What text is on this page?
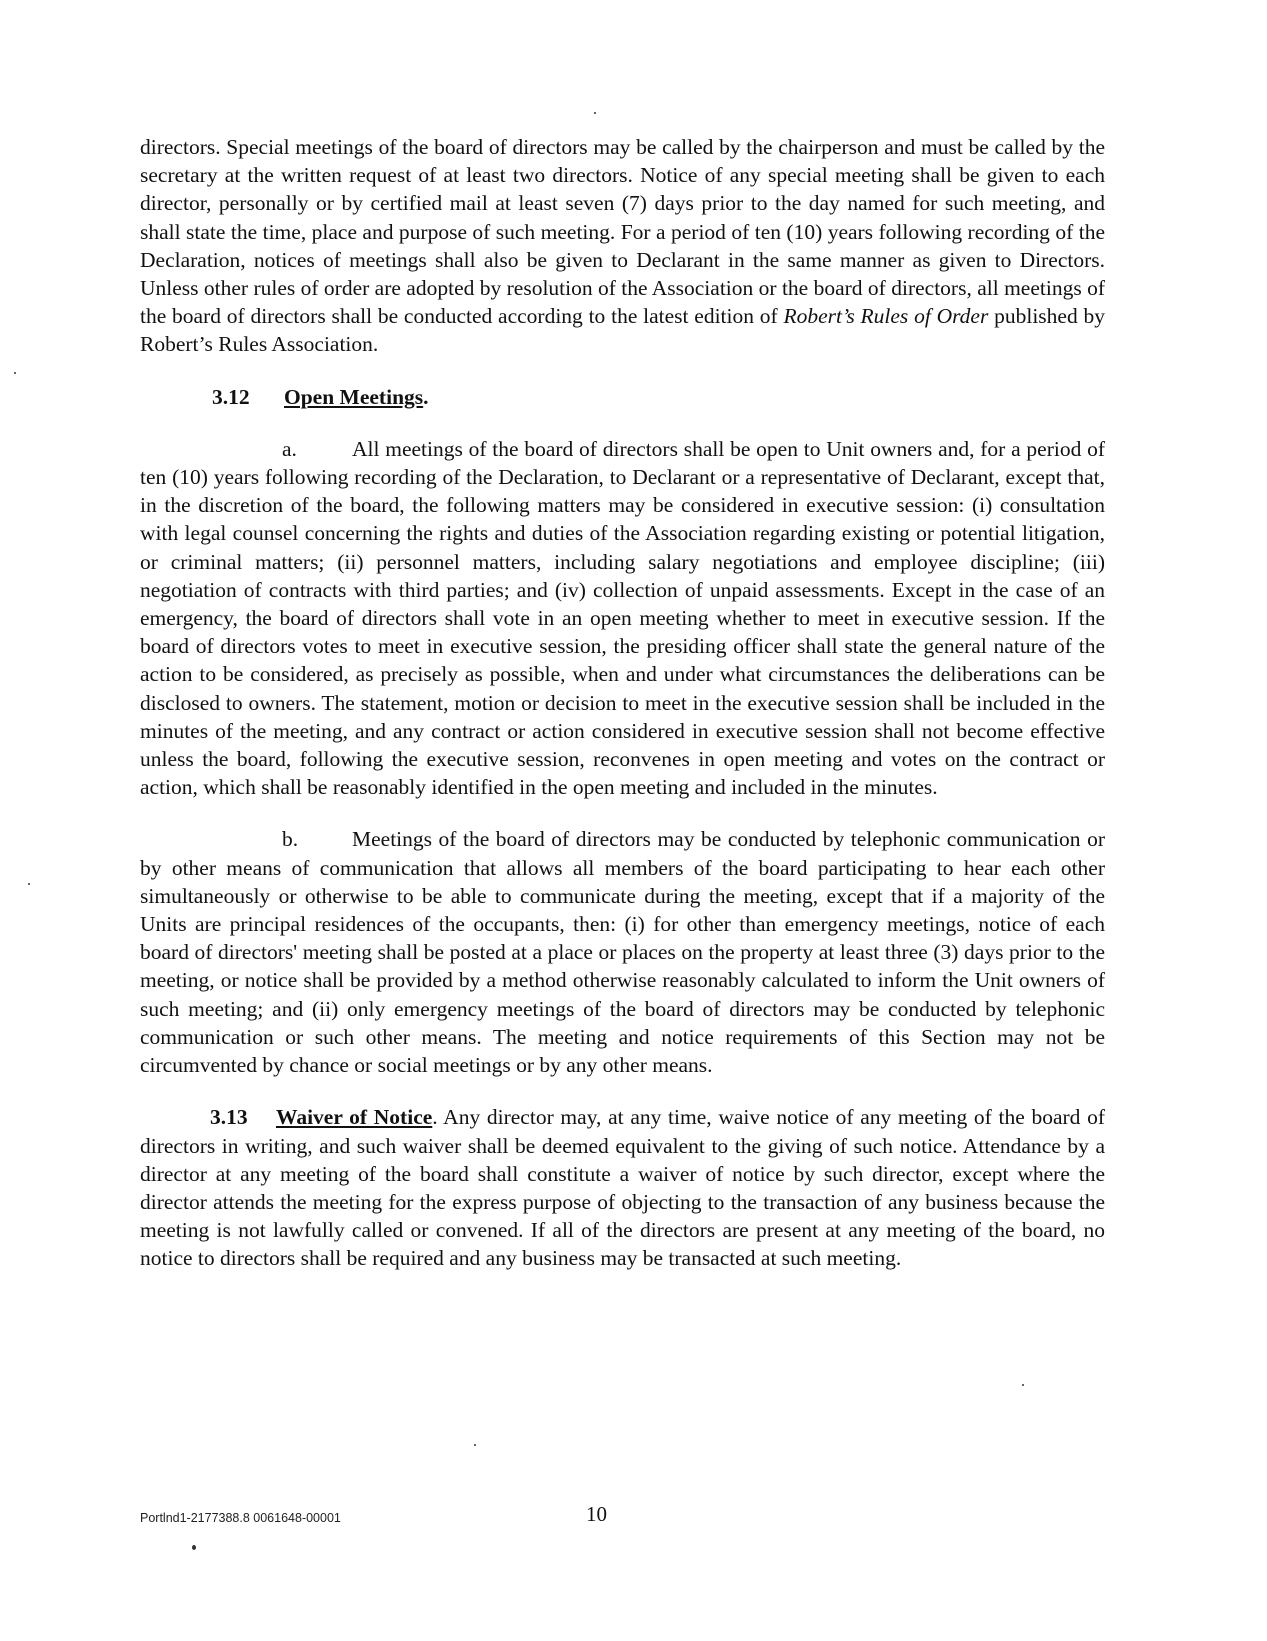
directors. Special meetings of the board of directors may be called by the chairperson and must be called by the secretary at the written request of at least two directors. Notice of any special meeting shall be given to each director, personally or by certified mail at least seven (7) days prior to the day named for such meeting, and shall state the time, place and purpose of such meeting. For a period of ten (10) years following recording of the Declaration, notices of meetings shall also be given to Declarant in the same manner as given to Directors. Unless other rules of order are adopted by resolution of the Association or the board of directors, all meetings of the board of directors shall be conducted according to the latest edition of Robert’s Rules of Order published by Robert’s Rules Association.

3.12 Open Meetings.

a.	All meetings of the board of directors shall be open to Unit owners and, for a period of ten (10) years following recording of the Declaration, to Declarant or a representative of Declarant, except that, in the discretion of the board, the following matters may be considered in executive session: (i) consultation with legal counsel concerning the rights and duties of the Association regarding existing or potential litigation, or criminal matters; (ii) personnel matters, including salary negotiations and employee discipline; (iii) negotiation of contracts with third parties; and (iv) collection of unpaid assessments. Except in the case of an emergency, the board of directors shall vote in an open meeting whether to meet in executive session. If the board of directors votes to meet in executive session, the presiding officer shall state the general nature of the action to be considered, as precisely as possible, when and under what circumstances the deliberations can be disclosed to owners. The statement, motion or decision to meet in the executive session shall be included in the minutes of the meeting, and any contract or action considered in executive session shall not become effective unless the board, following the executive session, reconvenes in open meeting and votes on the contract or action, which shall be reasonably identified in the open meeting and included in the minutes.

b.	Meetings of the board of directors may be conducted by telephonic communication or by other means of communication that allows all members of the board participating to hear each other simultaneously or otherwise to be able to communicate during the meeting, except that if a majority of the Units are principal residences of the occupants, then: (i) for other than emergency meetings, notice of each board of directors' meeting shall be posted at a place or places on the property at least three (3) days prior to the meeting, or notice shall be provided by a method otherwise reasonably calculated to inform the Unit owners of such meeting; and (ii) only emergency meetings of the board of directors may be conducted by telephonic communication or such other means. The meeting and notice requirements of this Section may not be circumvented by chance or social meetings or by any other means.

3.13 Waiver of Notice. Any director may, at any time, waive notice of any meeting of the board of directors in writing, and such waiver shall be deemed equivalent to the giving of such notice. Attendance by a director at any meeting of the board shall constitute a waiver of notice by such director, except where the director attends the meeting for the express purpose of objecting to the transaction of any business because the meeting is not lawfully called or convened. If all of the directors are present at any meeting of the board, no notice to directors shall be required and any business may be transacted at such meeting.

Portlnd1-2177388.8 0061648-00001	10
